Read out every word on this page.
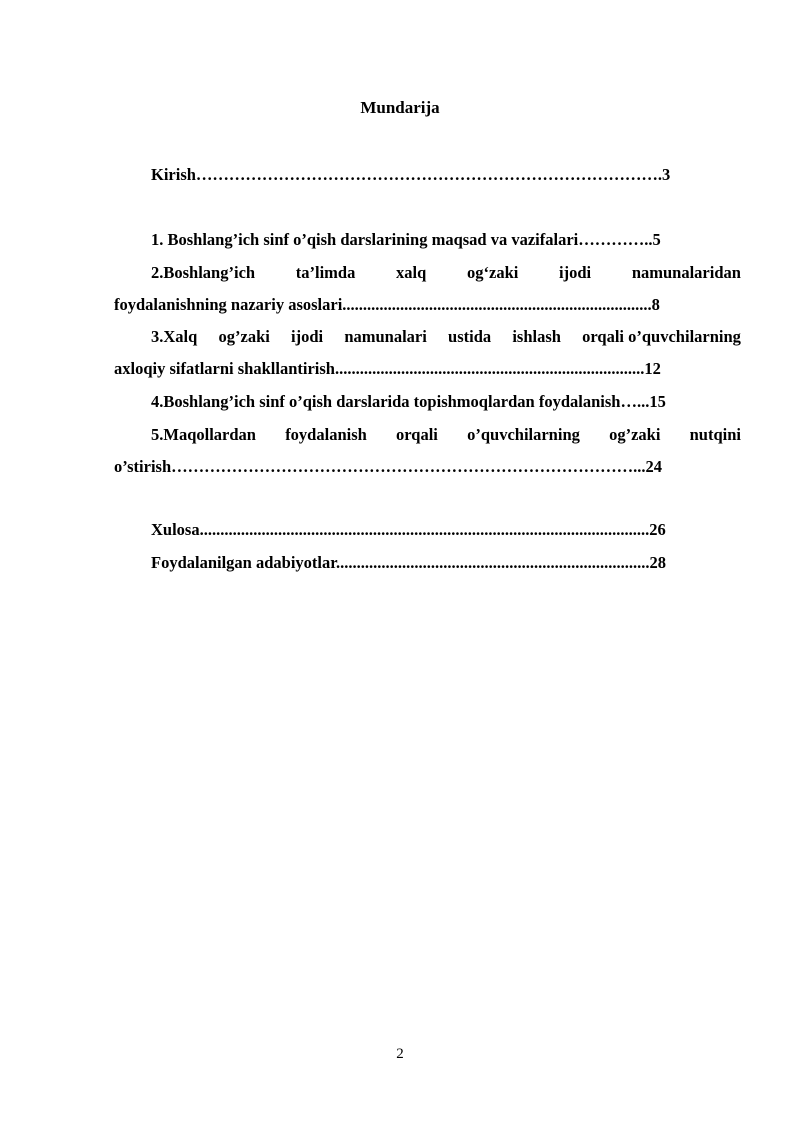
Mundarija
Kirish………………………………………………………………………….3
1. Boshlang’ich sinf o’qish darslarining maqsad va vazifalari…………..5
2.Boshlang’ich ta’limda xalq og‘zaki ijodi namunalaridan
foydalanishning nazariy asoslari...........................................................................8
3.Xalq og’zaki ijodi namunalari ustida ishlash orqali o’quvchilarning
axloqiy sifatlarni shakllantirish...........................................................................12
4.Boshlang’ich sinf o’qish darslarida topishmoqlardan foydalanish…...15
5.Maqollardan foydalanish orqali o’quvchilarning og’zaki nutqini
o’stirish…………………………………………………………………………...24
Xulosa.............................................................................................................26
Foydalanilgan adabiyotlar............................................................................28
2
